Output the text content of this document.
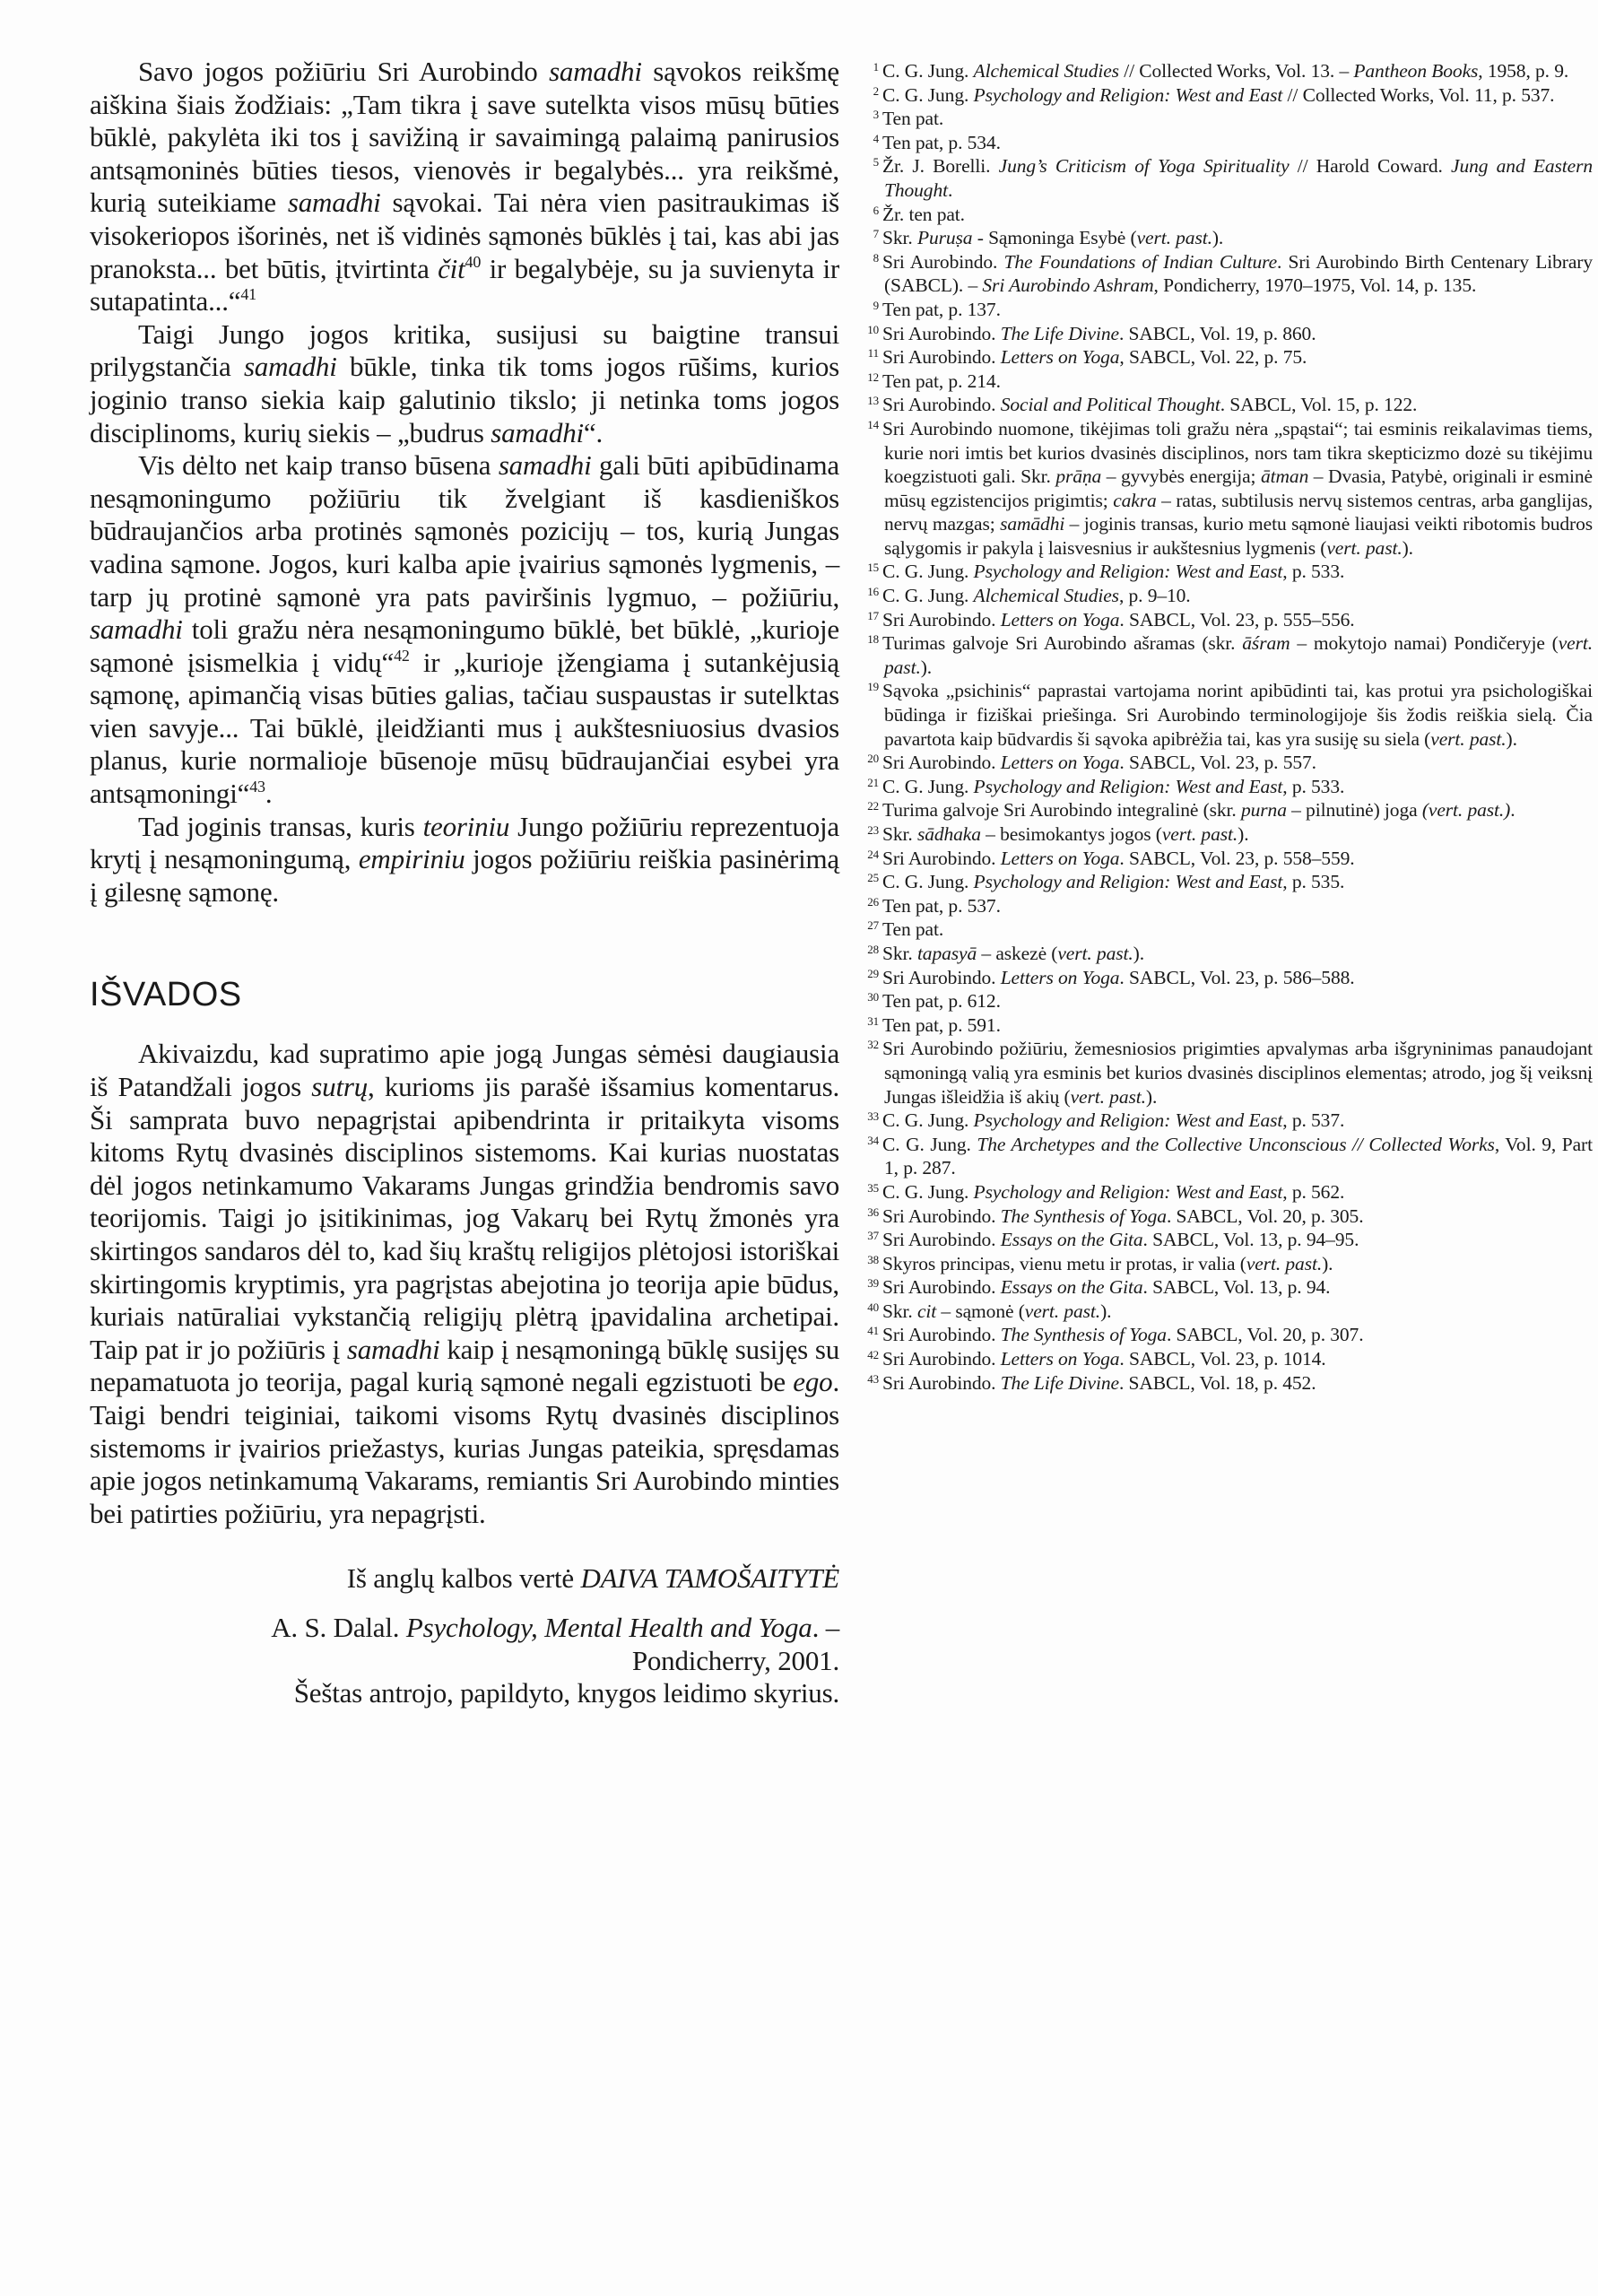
Savo jogos požiūriu Sri Aurobindo samadhi sąvokos reikšmę aiškina šiais žodžiais: „Tam tikra į save sutelkta visos mūsų būties būklė, pakylėta iki tos į savižiną ir savaimingą palaimą panirusios antsąmoninės būties tiesos, vienovės ir begalybės... yra reikšmė, kurią suteikiame samadhi sąvokai. Tai nėra vien pasitraukimas iš visokeriopos išorinės, net iš vidinės sąmonės būklės į tai, kas abi jas pranoksta... bet būtis, įtvirtinta čit$^{40}$ ir begalybėje, su ja suvienyta ir sutapatinta...“$^{41}$

Taigi Jungo jogos kritika, susijusi su baigtine transui prilygstančia samadhi būkle, tinka tik toms jogos rūšims, kurios joginio transo siekia kaip galutinio tikslo; ji netinka toms jogos disciplinoms, kurių siekis – „budrus samadhi“.

Vis dėlto net kaip transo būsena samadhi gali būti apibūdinama nesąmoningumo požiūriu tik žvelgiant iš kasdieniškos būdraujančios arba protinės sąmonės pozicijų – tos, kurią Jungas vadina sąmone. Jogos, kuri kalba apie įvairius sąmonės lygmenis, – tarp jų protinė sąmonė yra pats paviršinis lygmuo, – požiūriu, samadhi toli gražu nėra nesąmoningumo būklė, bet būklė, „kurioje sąmonė įsismelkia į vidų“$^{42}$ ir „kurioje įžengiama į sutankėjusią sąmonę, apimančią visas būties galias, tačiau suspaustas ir sutelktas vien savyje... Tai būklė, įleidžianti mus į aukštesniuosius dvasios planus, kurie normalioje būsenoje mūsų būdraujančiai esybei yra antsąmoningi“$^{43}$.

Tad joginis transas, kuris teoriniu Jungo požiūriu reprezentuoja krytį į nesąmoningumą, empiriniu jogos požiūriu reiškia pasinėrimą į gilesnę sąmonę.

IŠVADOS

Akivaizdu, kad supratimo apie jogą Jungas sėmėsi daugiausia iš Patandžali jogos sutrų, kurioms jis parašė išsamius komentarus. Ši samprata buvo nepagrįstai apibendrinta ir pritaikyta visoms kitoms Rytų dvasinės disciplinos sistemoms. Kai kurias nuostatas dėl jogos netinkamumo Vakarams Jungas grindžia bendromis savo teorijomis. Taigi jo įsitikinimas, jog Vakarų bei Rytų žmonės yra skirtingos sandaros dėl to, kad šių kraštų religijos plėtojosi istoriškai skirtingomis kryptimis, yra pagrįstas abejotina jo teorija apie būdus, kuriais natūraliai vykstančią religijų plėtrą įpavidalina archetipai. Taip pat ir jo požiūris į samadhi kaip į nesąmoningą būklę susijęs su nepamatuota jo teorija, pagal kurią sąmonė negali egzistuoti be ego. Taigi bendri teiginiai, taikomi visoms Rytų dvasinės disciplinos sistemoms ir įvairios priežastys, kurias Jungas pateikia, spręsdamas apie jogos netinkamumą Vakarams, remiantis Sri Aurobindo minties bei patirties požiūriu, yra nepagrįsti.

Iš anglų kalbos vertė DAIVA TAMOŠAITYTĖ
A. S. Dalal. Psychology, Mental Health and Yoga. –
Pondicherry, 2001.
Šeštas antrojo, papildyto, knygos leidimo skyrius.
$^1$ C. G. Jung. Alchemical Studies // Collected Works, Vol. 13. – Pantheon Books, 1958, p. 9.
$^2$ C. G. Jung. Psychology and Religion: West and East // Collected Works, Vol. 11, p. 537.
$^3$ Ten pat.
$^4$ Ten pat, p. 534.
$^5$ Žr. J. Borelli. Jung’s Criticism of Yoga Spirituality // Harold Coward. Jung and Eastern Thought.
$^6$ Žr. ten pat.
$^7$ Skr. Puruṣa - Sąmoninga Esybė (vert. past.).
$^8$ Sri Aurobindo. The Foundations of Indian Culture. Sri Aurobindo Birth Centenary Library (SABCL). – Sri Aurobindo Ashram, Pondicherry, 1970–1975, Vol. 14, p. 135.
$^9$ Ten pat, p. 137.
$^{10}$ Sri Aurobindo. The Life Divine. SABCL, Vol. 19, p. 860.
$^{11}$ Sri Aurobindo. Letters on Yoga, SABCL, Vol. 22, p. 75.
$^{12}$ Ten pat, p. 214.
$^{13}$ Sri Aurobindo. Social and Political Thought. SABCL, Vol. 15, p. 122.
$^{14}$ Sri Aurobindo nuomone, tikėjimas toli gražu nėra „spąstai“; tai esminis reikalavimas tiems, kurie nori imtis bet kurios dvasinės disciplinos, nors tam tikra skepticizmo dozė su tikėjimu koegzistuoti gali. Skr. prāṇa – gyvybės energija; ātman – Dvasia, Patybė, originali ir esminė mūsų egzistencijos prigimtis; cakra – ratas, subtilusis nervų sistemos centras, arba ganglijas, nervų mazgas; samādhi – joginis transas, kurio metu sąmonė liaujasi veikti ribotomis budros sąlygomis ir pakyla į laisvesnius ir aukštesnius lygmenis (vert. past.).
$^{15}$ C. G. Jung. Psychology and Religion: West and East, p. 533.
$^{16}$ C. G. Jung. Alchemical Studies, p. 9–10.
$^{17}$ Sri Aurobindo. Letters on Yoga. SABCL, Vol. 23, p. 555–556.
$^{18}$ Turimas galvoje Sri Aurobindo ašramas (skr. āśram – mokytojo namai) Pondičeryje (vert. past.).
$^{19}$ Sąvoka „psichinis“ paprastai vartojama norint apibūdinti tai, kas protui yra psichologiškai būdinga ir fiziškai priešinga. Sri Aurobindo terminologijoje šis žodis reiškia sielą. Čia pavartota kaip būdvardis ši sąvoka apibrėžia tai, kas yra susiję su siela (vert. past.).
$^{20}$ Sri Aurobindo. Letters on Yoga. SABCL, Vol. 23, p. 557.
$^{21}$ C. G. Jung. Psychology and Religion: West and East, p. 533.
$^{22}$ Turima galvoje Sri Aurobindo integralinė (skr. purna – pilnutinė) joga (vert. past.).
$^{23}$ Skr. sādhaka – besimokantys jogos (vert. past.).
$^{24}$ Sri Aurobindo. Letters on Yoga. SABCL, Vol. 23, p. 558–559.
$^{25}$ C. G. Jung. Psychology and Religion: West and East, p. 535.
$^{26}$ Ten pat, p. 537.
$^{27}$ Ten pat.
$^{28}$ Skr. tapasyā – askezė (vert. past.).
$^{29}$ Sri Aurobindo. Letters on Yoga. SABCL, Vol. 23, p. 586–588.
$^{30}$ Ten pat, p. 612.
$^{31}$ Ten pat, p. 591.
$^{32}$ Sri Aurobindo požiūriu, žemesniosios prigimties apvalymas arba išgryninimas panaudojant sąmoningą valią yra esminis bet kurios dvasinės disciplinos elementas; atrodo, jog šį veiksnį Jungas išleidžia iš akių (vert. past.).
$^{33}$ C. G. Jung. Psychology and Religion: West and East, p. 537.
$^{34}$ C. G. Jung. The Archetypes and the Collective Unconscious // Collected Works, Vol. 9, Part 1, p. 287.
$^{35}$ C. G. Jung. Psychology and Religion: West and East, p. 562.
$^{36}$ Sri Aurobindo. The Synthesis of Yoga. SABCL, Vol. 20, p. 305.
$^{37}$ Sri Aurobindo. Essays on the Gita. SABCL, Vol. 13, p. 94–95.
$^{38}$ Skyros principas, vienu metu ir protas, ir valia (vert. past.).
$^{39}$ Sri Aurobindo. Essays on the Gita. SABCL, Vol. 13, p. 94.
$^{40}$ Skr. cit – sąmonė (vert. past.).
$^{41}$ Sri Aurobindo. The Synthesis of Yoga. SABCL, Vol. 20, p. 307.
$^{42}$ Sri Aurobindo. Letters on Yoga. SABCL, Vol. 23, p. 1014.
$^{43}$ Sri Aurobindo. The Life Divine. SABCL, Vol. 18, p. 452.
